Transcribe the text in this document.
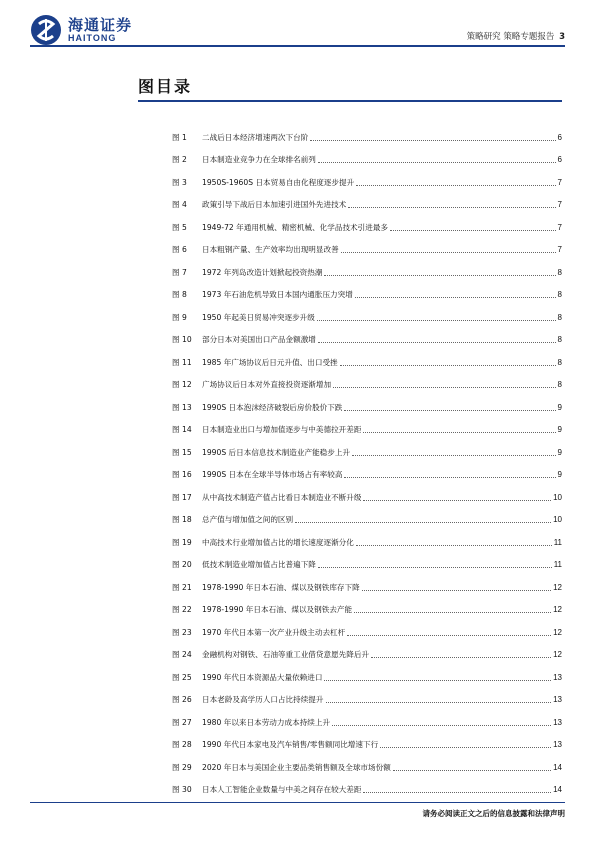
海通证券
HAITONG	策略研究 策略专题报告 3
图目录
图 1	二战后日本经济增速两次下台阶	6
图 2	日本制造业竞争力在全球排名前列	6
图 3	1950S-1960S 日本贸易自由化程度逐步提升	7
图 4	政策引导下战后日本加速引进国外先进技术	7
图 5	1949-72 年通用机械、精密机械、化学品技术引进最多	7
图 6	日本粗钢产量、生产效率均出现明显改善	7
图 7	1972 年列岛改造计划掀起投资热潮	8
图 8	1973 年石油危机导致日本国内通胀压力突增	8
图 9	1950 年起美日贸易冲突逐步升级	8
图 10	部分日本对美国出口产品金额激增	8
图 11	1985 年广场协议后日元升值、出口受挫	8
图 12	广场协议后日本对外直接投资逐渐增加	8
图 13	1990S 日本泡沫经济破裂后房价股价下跌	9
图 14	日本制造业出口与增加值逐步与中美德拉开差距	9
图 15	1990S 后日本信息技术制造业产能稳步上升	9
图 16	1990S 日本在全球半导体市场占有率较高	9
图 17	从中高技术制造产值占比看日本制造业不断升级	10
图 18	总产值与增加值之间的区别	10
图 19	中高技术行业增加值占比的增长速度逐渐分化	11
图 20	低技术制造业增加值占比普遍下降	11
图 21	1978-1990 年日本石油、煤以及钢铁库存下降	12
图 22	1978-1990 年日本石油、煤以及钢铁去产能	12
图 23	1970 年代日本第一次产业升级主动去杠杆	12
图 24	金融机构对钢铁、石油等重工业借贷意愿先降后升	12
图 25	1990 年代日本资源品大量依赖进口	13
图 26	日本老龄及高学历人口占比持续提升	13
图 27	1980 年以来日本劳动力成本持续上升	13
图 28	1990 年代日本家电及汽车销售/零售额同比增速下行	13
图 29	2020 年日本与美国企业主要品类销售额及全球市场份额	14
图 30	日本人工智能企业数量与中美之间存在较大差距	14
请务必阅读正文之后的信息披露和法律声明
